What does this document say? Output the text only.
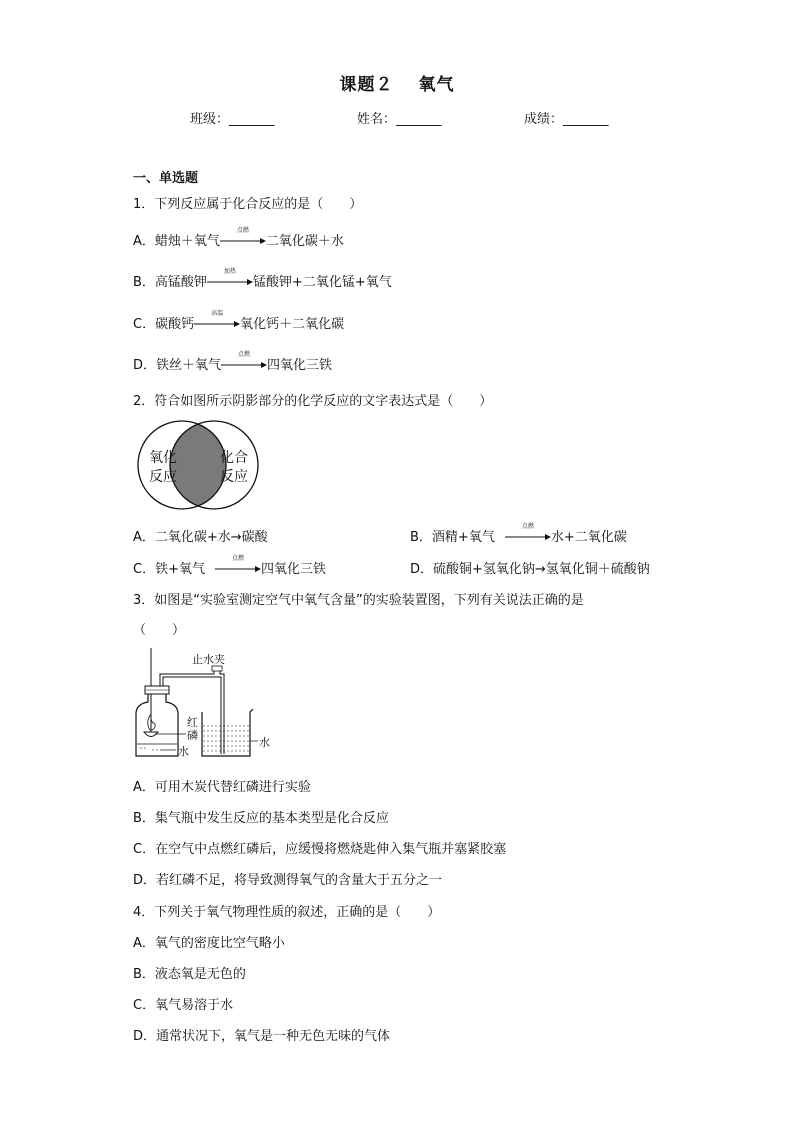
课题２　 氧气
班级：_______	姓名：_______	成绩：_______
一、单选题
1．下列反应属于化合反应的是（　　）
A．蜡烛＋氧气
点燃
二氧化碳＋水
B．高锰酸钾
加热
锰酸钾+二氧化锰+氧气
C．碳酸钙
高温
氧化钙＋二氧化碳
D．铁丝＋氧气
点燃
四氧化三铁
2．符合如图所示阴影部分的化学反应的文字表达式是（　　）
氧化
反应
化合
反应
A．二氧化碳+水→碳酸	B．酒精+氧气
点燃
水+二氧化碳
C．铁+氧气
点燃
四氧化三铁	D．硫酸铜+氢氧化钠→氢氧化铜＋硫酸钠
3．如图是“实验室测定空气中氧气含量”的实验装置图，下列有关说法正确的是
（　　）
止水夹
红
磷
水
水
A．可用木炭代替红磷进行实验
B．集气瓶中发生反应的基本类型是化合反应
C．在空气中点燃红磷后，应缓慢将燃烧匙伸入集气瓶并塞紧胶塞
D．若红磷不足，将导致测得氧气的含量大于五分之一
4．下列关于氧气物理性质的叙述，正确的是（　　）
A．氧气的密度比空气略小
B．液态氧是无色的
C．氧气易溶于水
D．通常状况下，氧气是一种无色无味的气体
